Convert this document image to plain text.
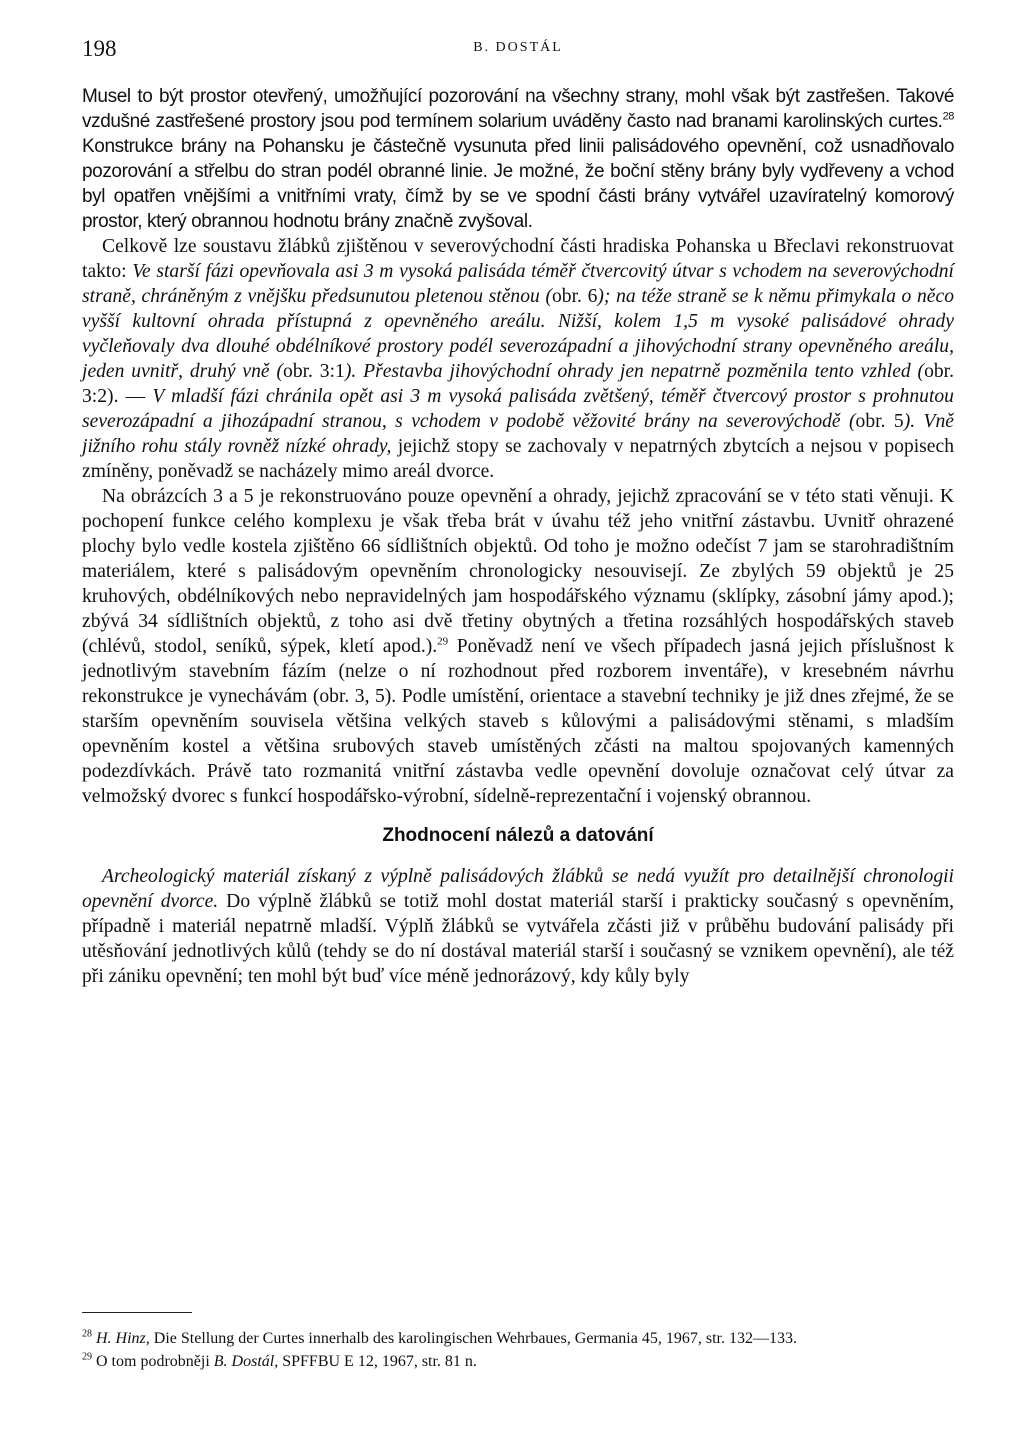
198	B. DOSTÁL

Musel to být prostor otevřený, umožňující pozorování na všechny strany, mohl však být zastřešen. Takové vzdušné zastřešené prostory jsou pod termínem solarium uváděny často nad branami karolinských curtes.$^{28}$ Konstrukce brány na Pohansku je částečně vysunuta před linii palisádového opevnění, což usnadňovalo pozorování a střelbu do stran podél obranné linie. Je možné, že boční stěny brány byly vydřeveny a vchod byl opatřen vnějšími a vnitřními vraty, čímž by se ve spodní části brány vytvářel uzavíratelný komorový prostor, který obrannou hodnotu brány značně zvyšoval.

Celkově lze soustavu žlábků zjištěnou v severovýchodní části hradiska Pohanska u Břeclavi rekonstruovat takto: Ve starší fázi opevňovala asi 3 m vysoká palisáda téměř čtvercovitý útvar s vchodem na severovýchodní straně, chráněným z vnějšku předsunutou pletenou stěnou (obr. 6); na téže straně se k němu přimykala o něco vyšší kultovní ohrada přístupná z opevněného areálu. Nižší, kolem 1,5 m vysoké palisádové ohrady vyčleňovaly dva dlouhé obdélníkové prostory podél severozápadní a jihovýchodní strany opevněného areálu, jeden uvnitř, druhý vně (obr. 3:1). Přestavba jihovýchodní ohrady jen nepatrně pozměnila tento vzhled (obr. 3:2). — V mladší fázi chránila opět asi 3 m vysoká palisáda zvětšený, téměř čtvercový prostor s prohnutou severozápadní a jihozápadní stranou, s vchodem v podobě věžovité brány na severovýchodě (obr. 5). Vně jižního rohu stály rovněž nízké ohrady, jejichž stopy se zachovaly v nepatrných zbytcích a nejsou v popisech zmíněny, poněvadž se nacházely mimo areál dvorce.

Na obrázcích 3 a 5 je rekonstruováno pouze opevnění a ohrady, jejichž zpracování se v této stati věnuji. K pochopení funkce celého komplexu je však třeba brát v úvahu též jeho vnitřní zástavbu. Uvnitř ohrazené plochy bylo vedle kostela zjištěno 66 sídlištních objektů. Od toho je možno odečíst 7 jam se starohradištním materiálem, které s palisádovým opevněním chronologicky nesouvisejí. Ze zbylých 59 objektů je 25 kruhových, obdélníkových nebo nepravidelných jam hospodářského významu (sklípky, zásobní jámy apod.); zbývá 34 sídlištních objektů, z toho asi dvě třetiny obytných a třetina rozsáhlých hospodářských staveb (chlévů, stodol, seníků, sýpek, kletí apod.).$^{29}$ Poněvadž není ve všech případech jasná jejich příslušnost k jednotlivým stavebním fázím (nelze o ní rozhodnout před rozborem inventáře), v kresebném návrhu rekonstrukce je vynechávám (obr. 3, 5). Podle umístění, orientace a stavební techniky je již dnes zřejmé, že se starším opevněním souvisela většina velkých staveb s kůlovými a palisádovými stěnami, s mladším opevněním kostel a většina srubových staveb umístěných zčásti na maltou spojovaných kamenných podezdívkách. Právě tato rozmanitá vnitřní zástavba vedle opevnění dovoluje označovat celý útvar za velmožský dvorec s funkcí hospodářsko-výrobní, sídelně-reprezentační i vojenský obrannou.

Zhodnocení nálezů a datování

Archeologický materiál získaný z výplně palisádových žlábků se nedá využít pro detailnější chronologii opevnění dvorce. Do výplně žlábků se totiž mohl dostat materiál starší i prakticky současný s opevněním, případně i materiál nepatrně mladší. Výplň žlábků se vytvářela zčásti již v průběhu budování palisády při utěsňování jednotlivých kůlů (tehdy se do ní dostával materiál starší i současný se vznikem opevnění), ale též při zániku opevnění; ten mohl být buď více méně jednorázový, kdy kůly byly

$^{28}$ H. Hinz, Die Stellung der Curtes innerhalb des karolingischen Wehrbaues, Germania 45, 1967, str. 132—133.

$^{29}$ O tom podrobněji B. Dostál, SPFFBU E 12, 1967, str. 81 n.
